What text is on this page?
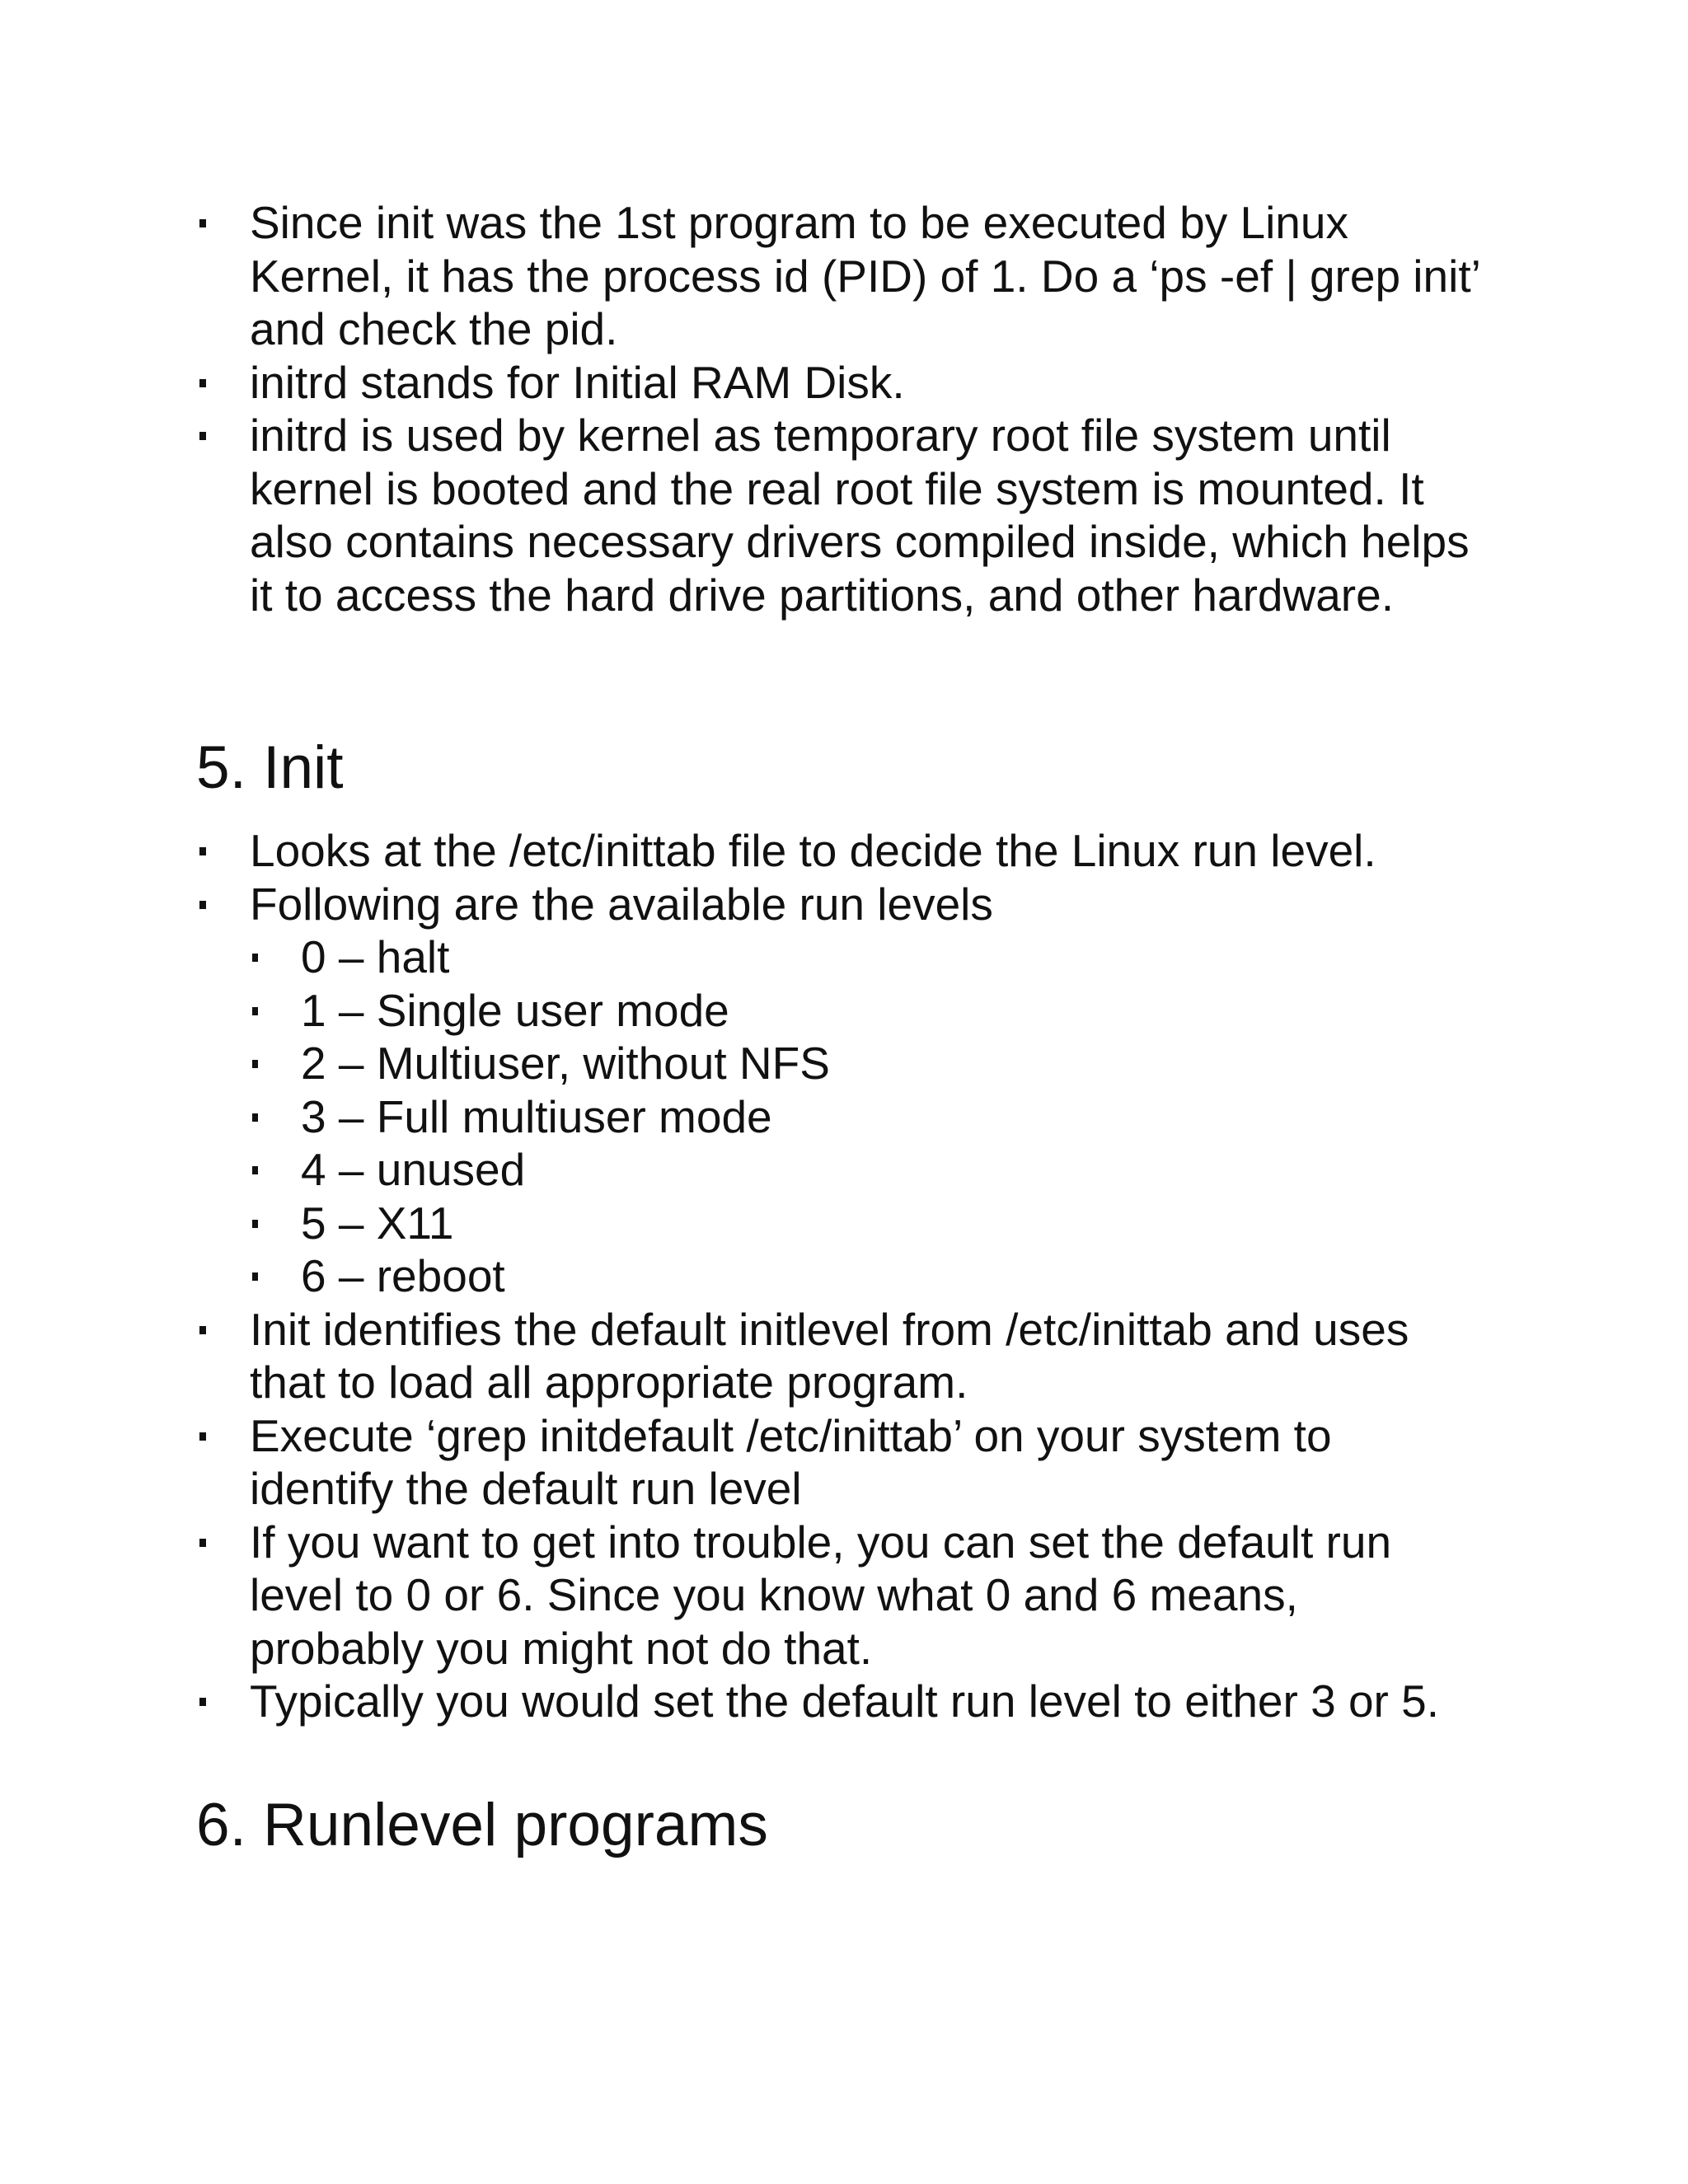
Since init was the 1st program to be executed by Linux Kernel, it has the process id (PID) of 1. Do a ‘ps -ef | grep init’ and check the pid.
initrd stands for Initial RAM Disk.
initrd is used by kernel as temporary root file system until kernel is booted and the real root file system is mounted. It also contains necessary drivers compiled inside, which helps it to access the hard drive partitions, and other hardware.
5. Init
Looks at the /etc/inittab file to decide the Linux run level.
Following are the available run levels
0 – halt
1 – Single user mode
2 – Multiuser, without NFS
3 – Full multiuser mode
4 – unused
5 – X11
6 – reboot
Init identifies the default initlevel from /etc/inittab and uses that to load all appropriate program.
Execute ‘grep initdefault /etc/inittab’ on your system to identify the default run level
If you want to get into trouble, you can set the default run level to 0 or 6. Since you know what 0 and 6 means, probably you might not do that.
Typically you would set the default run level to either 3 or 5.
6. Runlevel programs
